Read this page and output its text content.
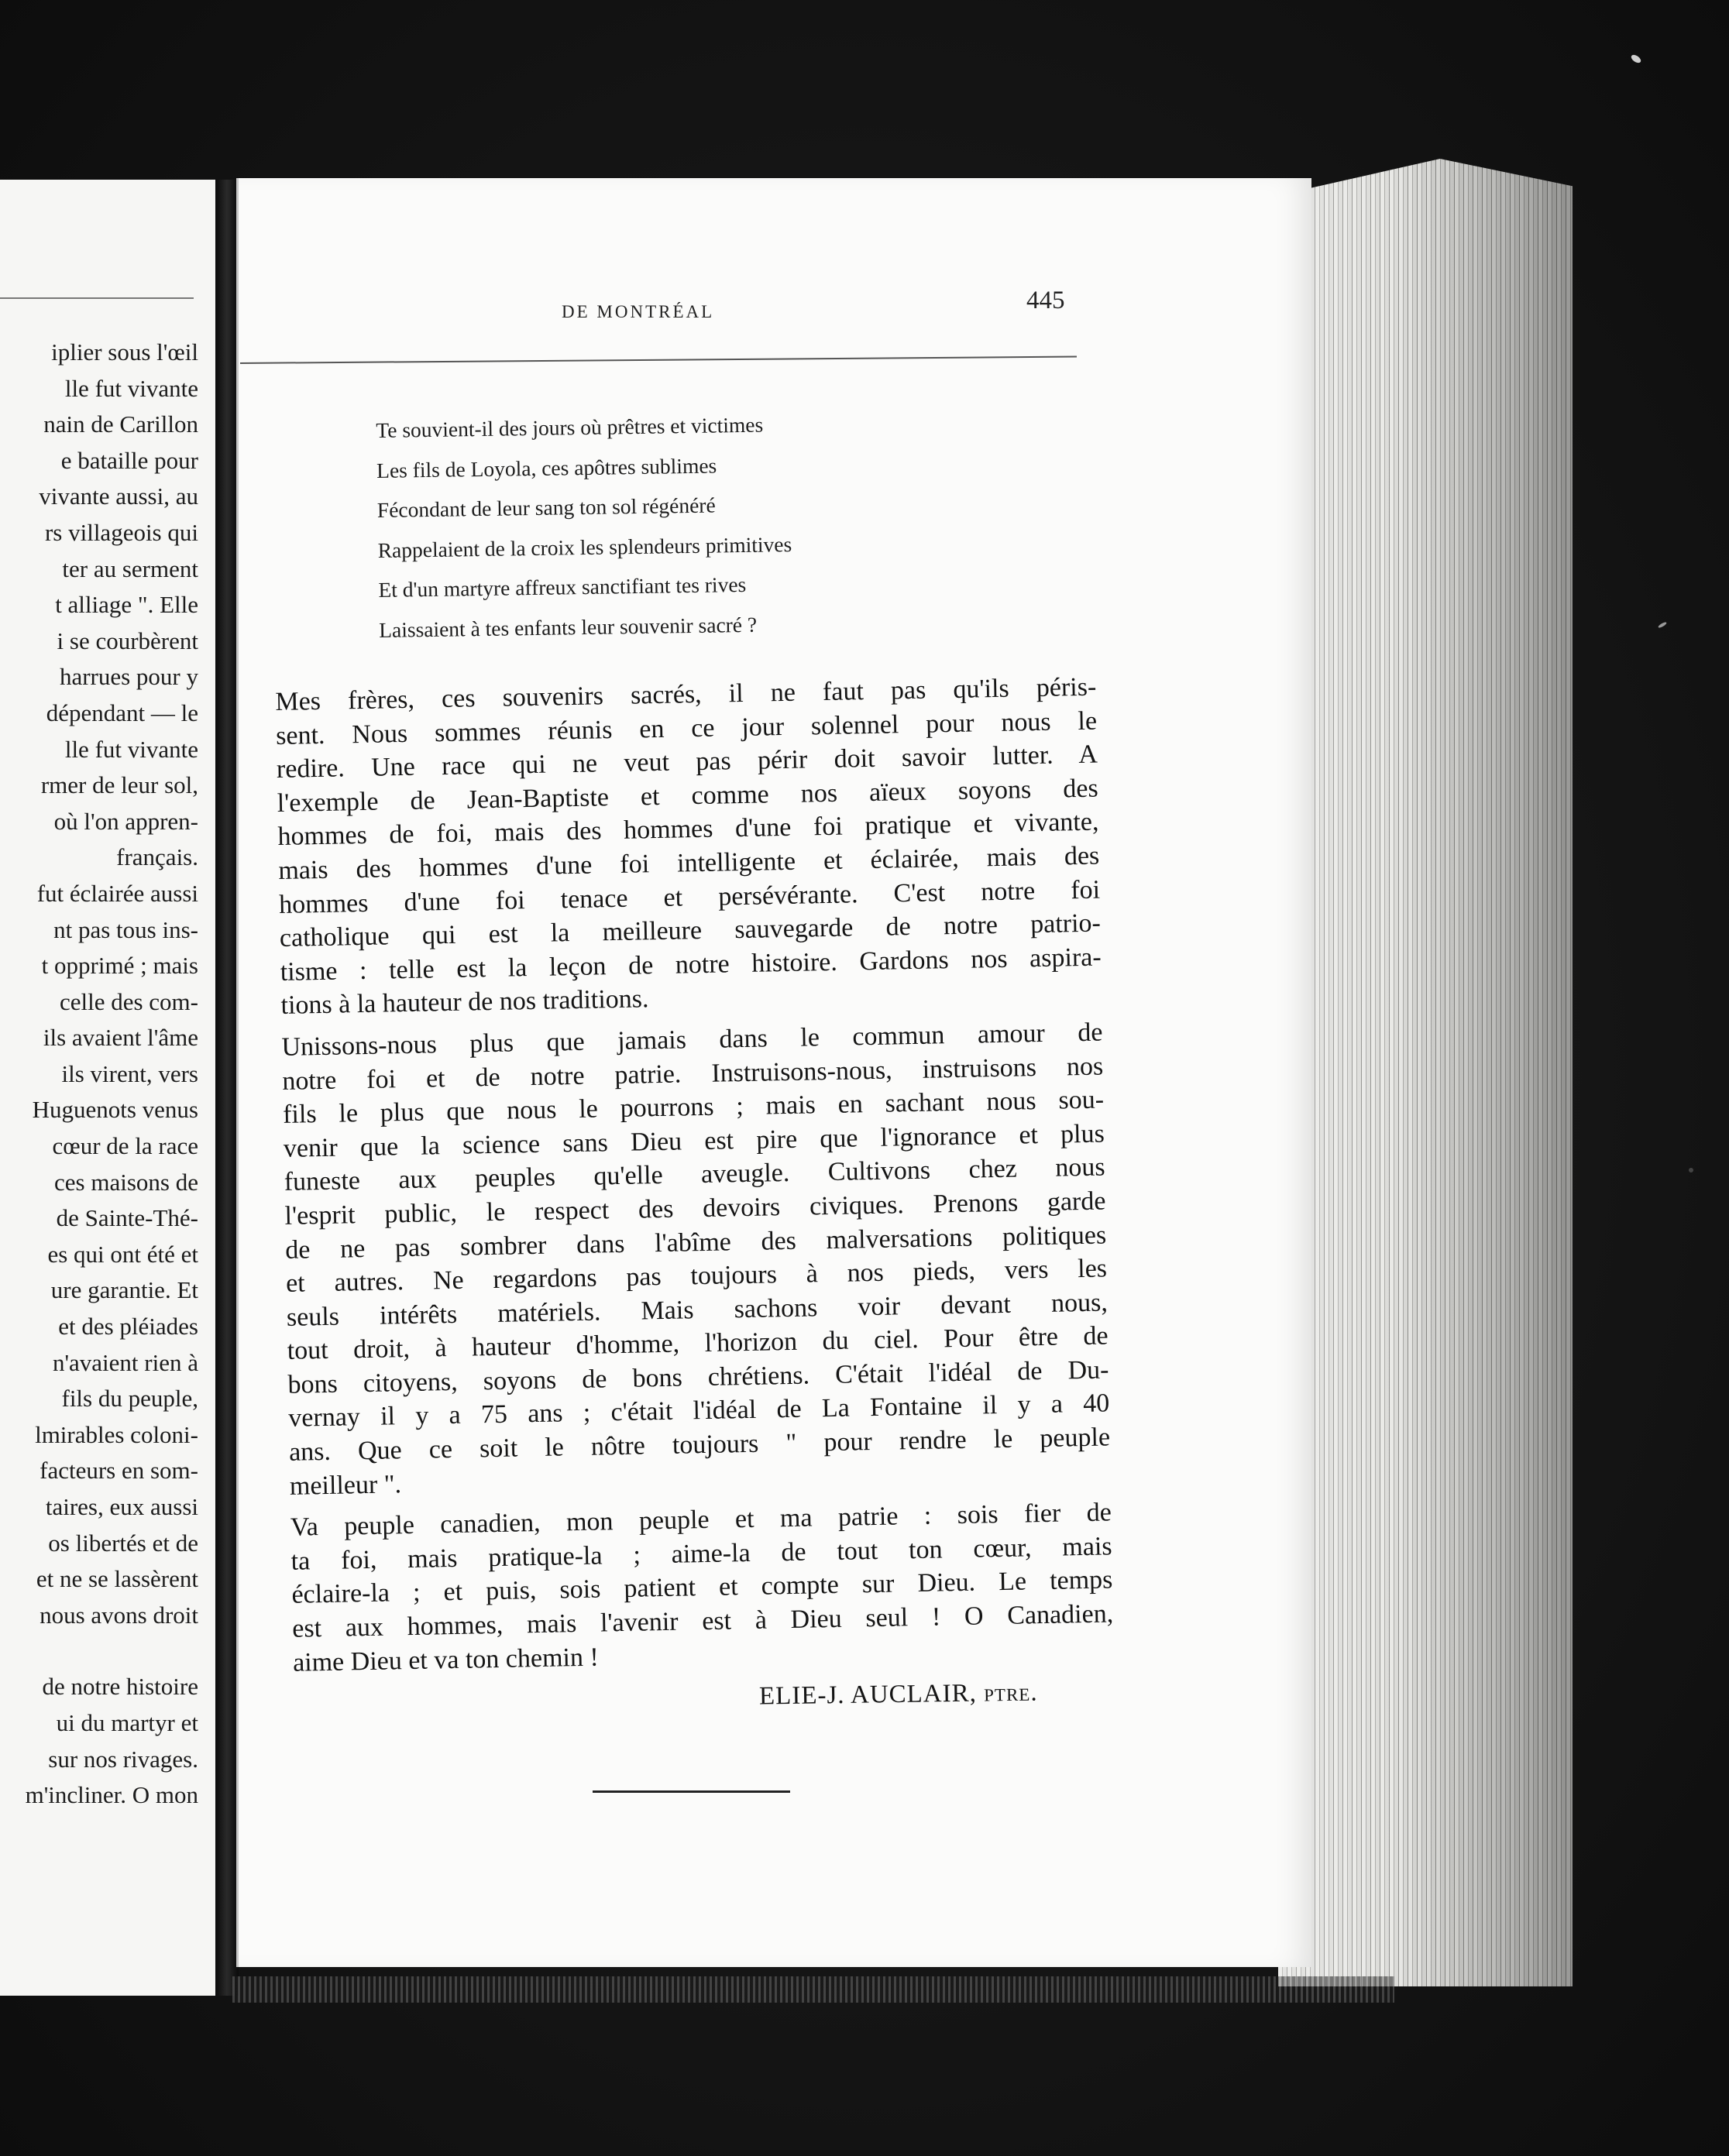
iplier sous l'œil
lle fut vivante
nain de Carillon
e bataille pour
vivante aussi, au
rs villageois qui
ter au serment
t alliage ". Elle
i se courbèrent
harrues pour y
dépendant — le
lle fut vivante
rmer de leur sol,
où l'on appren-
français.
fut éclairée aussi
nt pas tous ins-
t opprimé ; mais
celle des com-
ils avaient l'âme
ils virent, vers
Huguenots venus
cœur de la race
ces maisons de
de Sainte-Thé-
es qui ont été et
ure garantie. Et
et des pléiades
n'avaient rien à
fils du peuple,
lmirables coloni-
facteurs en som-
taires, eux aussi
os libertés et de
et ne se lassèrent
nous avons droit
de notre histoire
ui du martyr et
sur nos rivages.
m'incliner. O mon
DE MONTRÉAL	445
Te souvient-il des jours où prêtres et victimes
Les fils de Loyola, ces apôtres sublimes
Fécondant de leur sang ton sol régénéré
Rappelaient de la croix les splendeurs primitives
Et d'un martyre affreux sanctifiant tes rives
Laissaient à tes enfants leur souvenir sacré ?
Mes frères, ces souvenirs sacrés, il ne faut pas qu'ils péris-
sent. Nous sommes réunis en ce jour solennel pour nous le
redire. Une race qui ne veut pas périr doit savoir lutter. A
l'exemple de Jean-Baptiste et comme nos aïeux soyons des
hommes de foi, mais des hommes d'une foi pratique et vivante,
mais des hommes d'une foi intelligente et éclairée, mais des
hommes d'une foi tenace et persévérante. C'est notre foi
catholique qui est la meilleure sauvegarde de notre patrio-
tisme : telle est la leçon de notre histoire. Gardons nos aspira-
tions à la hauteur de nos traditions.
Unissons-nous plus que jamais dans le commun amour de
notre foi et de notre patrie. Instruisons-nous, instruisons nos
fils le plus que nous le pourrons ; mais en sachant nous sou-
venir que la science sans Dieu est pire que l'ignorance et plus
funeste aux peuples qu'elle aveugle. Cultivons chez nous
l'esprit public, le respect des devoirs civiques. Prenons garde
de ne pas sombrer dans l'abîme des malversations politiques
et autres. Ne regardons pas toujours à nos pieds, vers les
seuls intérêts matériels. Mais sachons voir devant nous,
tout droit, à hauteur d'homme, l'horizon du ciel. Pour être de
bons citoyens, soyons de bons chrétiens. C'était l'idéal de Du-
vernay il y a 75 ans ; c'était l'idéal de La Fontaine il y a 40
ans. Que ce soit le nôtre toujours " pour rendre le peuple
meilleur ".
Va peuple canadien, mon peuple et ma patrie : sois fier de
ta foi, mais pratique-la ; aime-la de tout ton cœur, mais
éclaire-la ; et puis, sois patient et compte sur Dieu. Le temps
est aux hommes, mais l'avenir est à Dieu seul ! O Canadien,
aime Dieu et va ton chemin !
ELIE-J. AUCLAIR, ptre.
